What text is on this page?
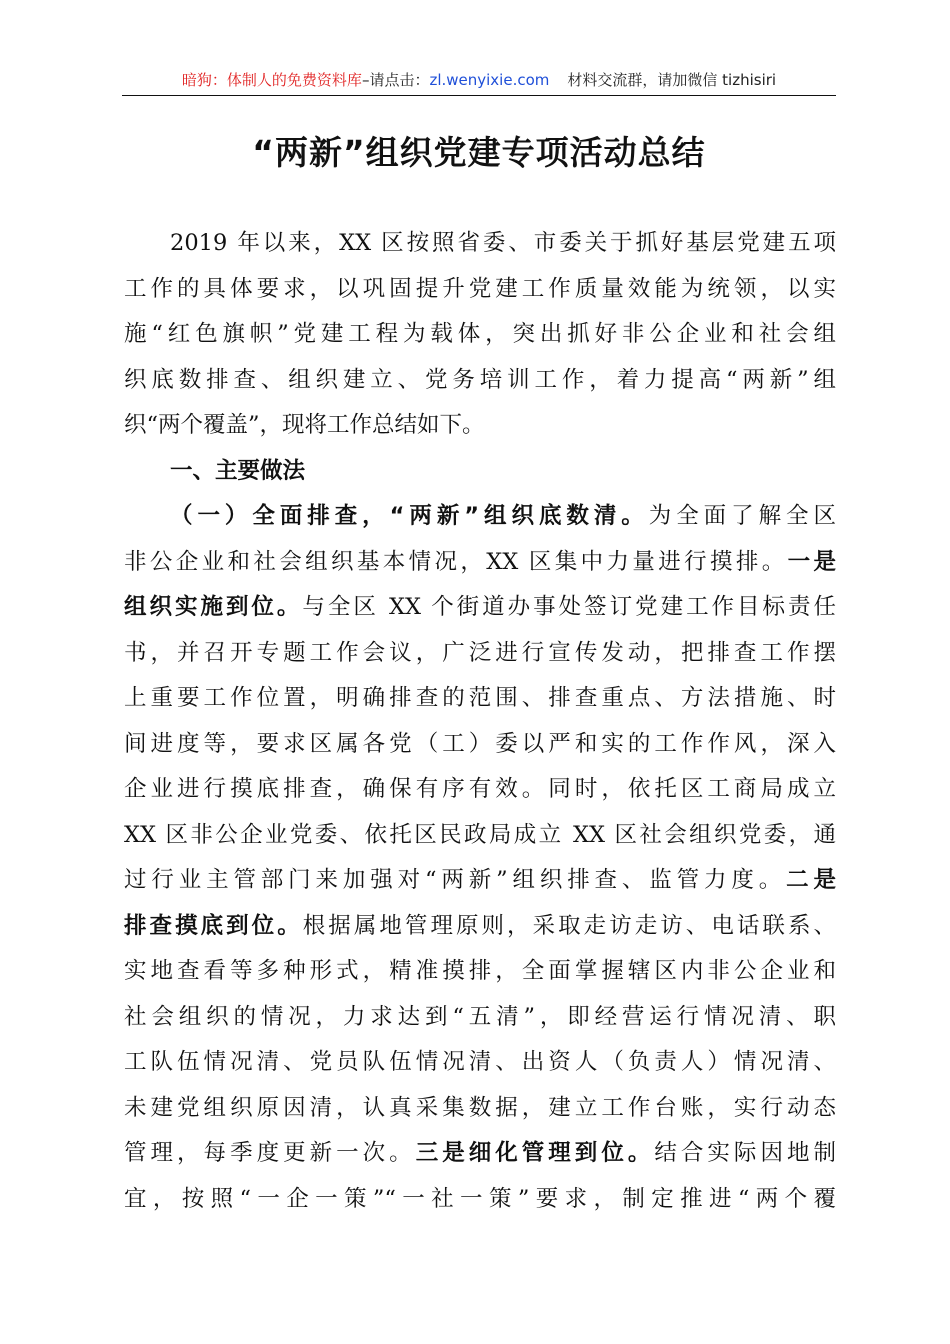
暗狗：体制人的免费资料库–请点击：zl.wenyixie.com 材料交流群，请加微信 tizhisiri
“两新”组织党建专项活动总结
2019 年以来，XX 区按照省委、市委关于抓好基层党建五项
工作的具体要求，以巩固提升党建工作质量效能为统领，以实
施“红色旗帜”党建工程为载体，突出抓好非公企业和社会组
织底数排查、组织建立、党务培训工作，着力提高“两新”组
织“两个覆盖”，现将工作总结如下。
一、主要做法
（一）全面排查，“两新”组织底数清。为全面了解全区
非公企业和社会组织基本情况，XX 区集中力量进行摸排。一是
组织实施到位。与全区 XX 个街道办事处签订党建工作目标责任
书，并召开专题工作会议，广泛进行宣传发动，把排查工作摆
上重要工作位置，明确排查的范围、排查重点、方法措施、时
间进度等，要求区属各党（工）委以严和实的工作作风，深入
企业进行摸底排查，确保有序有效。同时，依托区工商局成立
XX 区非公企业党委、依托区民政局成立 XX 区社会组织党委，通
过行业主管部门来加强对“两新”组织排查、监管力度。二是
排查摸底到位。根据属地管理原则，采取走访走访、电话联系、
实地查看等多种形式，精准摸排，全面掌握辖区内非公企业和
社会组织的情况，力求达到“五清”，即经营运行情况清、职
工队伍情况清、党员队伍情况清、出资人（负责人）情况清、
未建党组织原因清，认真采集数据，建立工作台账，实行动态
管理，每季度更新一次。三是细化管理到位。结合实际因地制
宜，按照“一企一策”“一社一策”要求，制定推进“两个覆
